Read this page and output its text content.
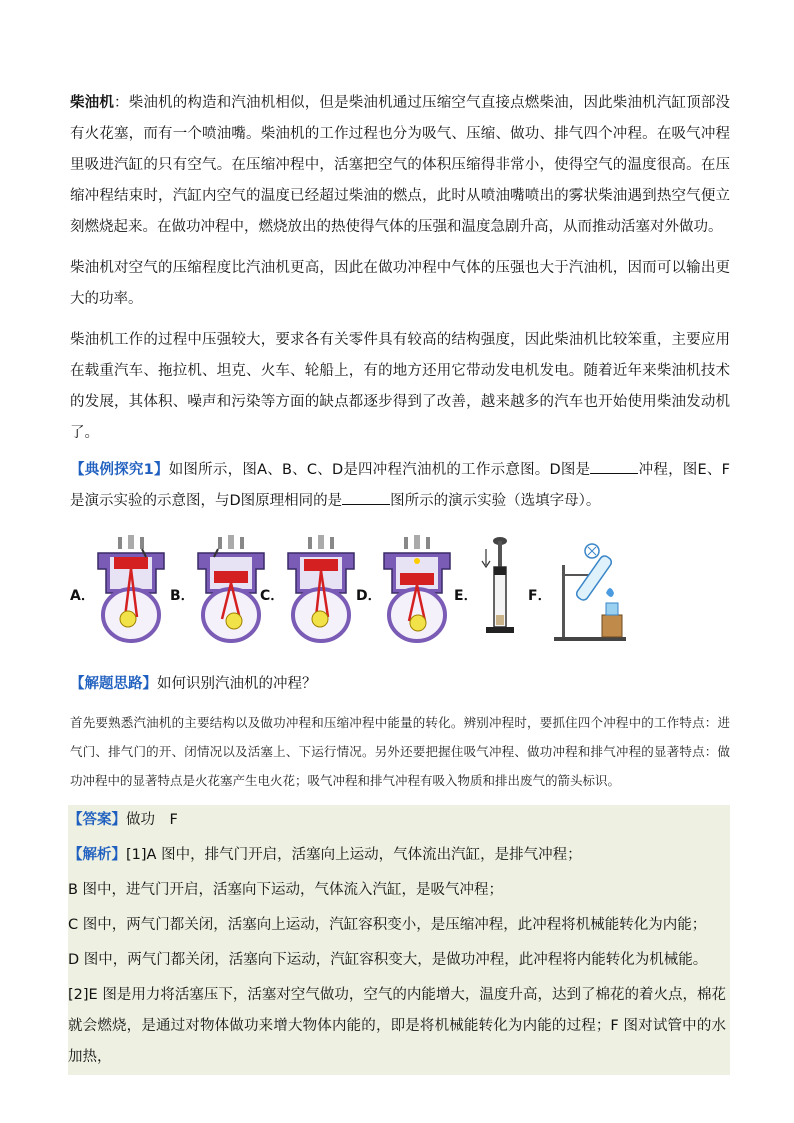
柴油机：柴油机的构造和汽油机相似，但是柴油机通过压缩空气直接点燃柴油，因此柴油机汽缸顶部没有火花塞，而有一个喷油嘴。柴油机的工作过程也分为吸气、压缩、做功、排气四个冲程。在吸气冲程里吸进汽缸的只有空气。在压缩冲程中，活塞把空气的体积压缩得非常小，使得空气的温度很高。在压缩冲程结束时，汽缸内空气的温度已经超过柴油的燃点，此时从喷油嘴喷出的雾状柴油遇到热空气便立刻燃烧起来。在做功冲程中，燃烧放出的热使得气体的压强和温度急剧升高，从而推动活塞对外做功。

柴油机对空气的压缩程度比汽油机更高，因此在做功冲程中气体的压强也大于汽油机，因而可以输出更大的功率。

柴油机工作的过程中压强较大，要求各有关零件具有较高的结构强度，因此柴油机比较笨重，主要应用在载重汽车、拖拉机、坦克、火车、轮船上，有的地方还用它带动发电机发电。随着近年来柴油机技术的发展，其体积、噪声和污染等方面的缺点都逐步得到了改善，越来越多的汽车也开始使用柴油发动机了。

【典例探究1】如图所示，图A、B、C、D是四冲程汽油机的工作示意图。D图是	冲程，图E、F是演示实验的示意图，与D图原理相同的是	图所示的演示实验（选填字母）。

A．	B．	C．	D．	E．	F．

【解题思路】如何识别汽油机的冲程？

首先要熟悉汽油机的主要结构以及做功冲程和压缩冲程中能量的转化。辨别冲程时，要抓住四个冲程中的工作特点：进气门、排气门的开、闭情况以及活塞上、下运行情况。另外还要把握住吸气冲程、做功冲程和排气冲程的显著特点：做功冲程中的显著特点是火花塞产生电火花；吸气冲程和排气冲程有吸入物质和排出废气的箭头标识。

【答案】做功　F

【解析】[1]A 图中，排气门开启，活塞向上运动，气体流出汽缸，是排气冲程；

B 图中，进气门开启，活塞向下运动，气体流入汽缸，是吸气冲程；

C 图中，两气门都关闭，活塞向上运动，汽缸容积变小，是压缩冲程，此冲程将机械能转化为内能；

D 图中，两气门都关闭，活塞向下运动，汽缸容积变大，是做功冲程，此冲程将内能转化为机械能。

[2]E 图是用力将活塞压下，活塞对空气做功，空气的内能增大，温度升高，达到了棉花的着火点，棉花就会燃烧，是通过对物体做功来增大物体内能的，即是将机械能转化为内能的过程；F 图对试管中的水加热，
